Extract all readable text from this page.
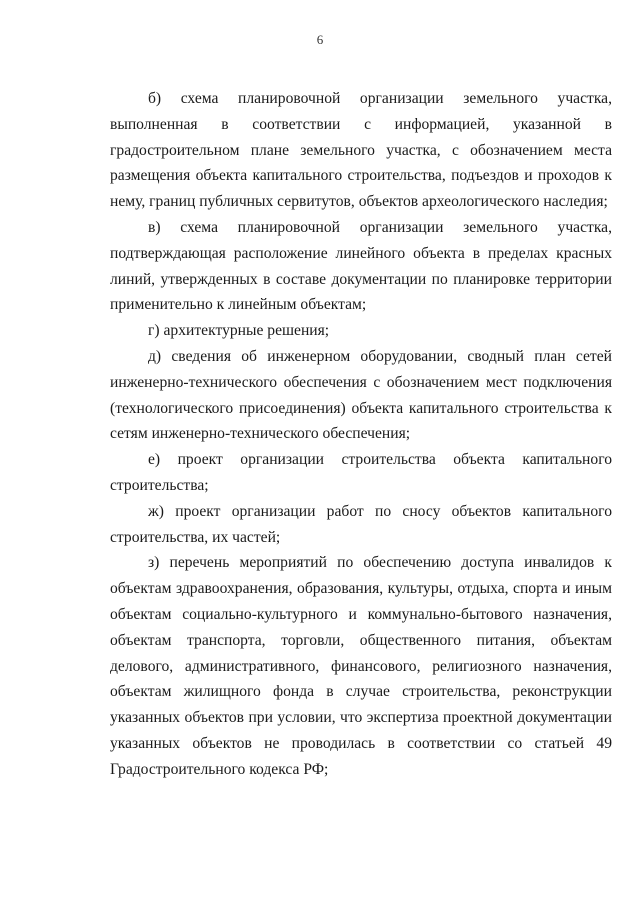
6

б) схема планировочной организации земельного участка, выполненная в соответствии с информацией, указанной в градостроительном плане земельного участка, с обозначением места размещения объекта капитального строительства, подъездов и проходов к нему, границ публичных сервитутов, объектов археологического наследия;

в) схема планировочной организации земельного участка, подтверждающая расположение линейного объекта в пределах красных линий, утвержденных в составе документации по планировке территории применительно к линейным объектам;

г) архитектурные решения;

д) сведения об инженерном оборудовании, сводный план сетей инженерно-технического обеспечения с обозначением мест подключения (технологического присоединения) объекта капитального строительства к сетям инженерно-технического обеспечения;

е) проект организации строительства объекта капитального строительства;

ж) проект организации работ по сносу объектов капитального строительства, их частей;

з) перечень мероприятий по обеспечению доступа инвалидов к объектам здравоохранения, образования, культуры, отдыха, спорта и иным объектам социально-культурного и коммунально-бытового назначения, объектам транспорта, торговли, общественного питания, объектам делового, административного, финансового, религиозного назначения, объектам жилищного фонда в случае строительства, реконструкции указанных объектов при условии, что экспертиза проектной документации указанных объектов не проводилась в соответствии со статьей 49 Градостроительного кодекса РФ;
